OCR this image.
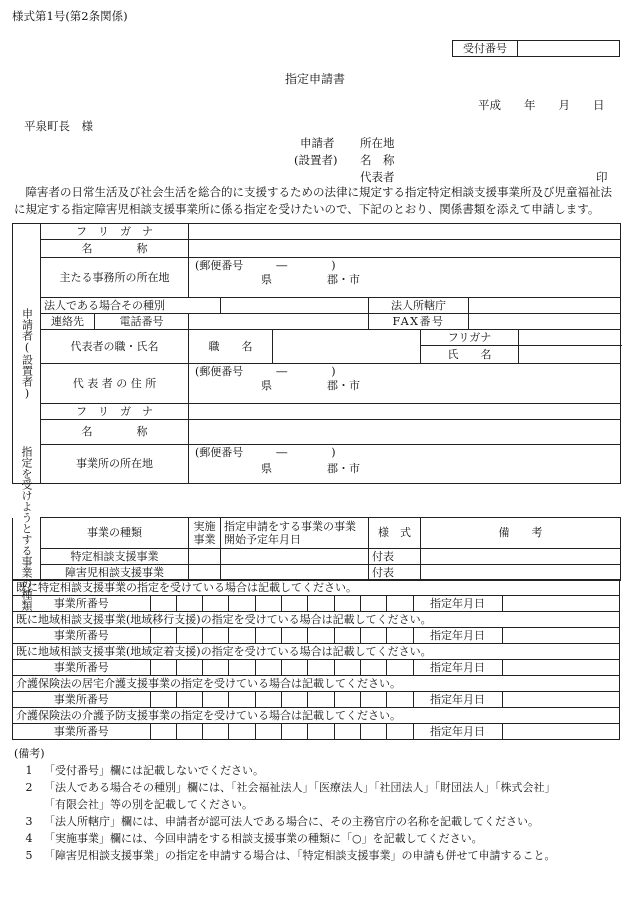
様式第1号(第2条関係)
受付番号	
指定申請書
平成　　年　　月　　日
平泉町長　様
申請者
(設置者)
所在地
名　称
代表者	印
　障害者の日常生活及び社会生活を総合的に支援するための法律に規定する指定特定相談支援事業所及び児童福祉法に規定する指定障害児相談支援事業所に係る指定を受けたいので、下記のとおり、関係書類を添えて申請します。
申請者(設置者)	フ　リ　ガ　ナ								
	名　　　　称								
	主たる事務所の所在地		(郵便番号　　　―　　　　)						
			県　　　　　郡・市						
	法人である場合その種別					法人所轄庁			
	連絡先	電話番号				FAX番号			
	代表者の職・氏名		職　　名				フリガナ		
							氏　　名		
	代 表 者 の 住 所		(郵便番号　　　―　　　　)						
			県　　　　　郡・市						
	フ　リ　ガ　ナ								
	名　　　　称								
	事業所の所在地		(郵便番号　　　―　　　　)
県　　　　　郡・市						
	事業の種類	実施事業	指定申請をする事業の事業開始予定年月日	様　式	備　　考
	特定相談支援事業			付表	
	障害児相談支援事業			付表	
指定を受けようとする事業の種類
既に特定相談支援事業の指定を受けている場合は記載してください。												
事業所番号											指定年月日	
既に地域相談支援事業(地域移行支援)の指定を受けている場合は記載してください。												
事業所番号											指定年月日	
既に地域相談支援事業(地域定着支援)の指定を受けている場合は記載してください。												
事業所番号											指定年月日	
介護保険法の居宅介護支援事業の指定を受けている場合は記載してください。												
事業所番号											指定年月日	
介護保険法の介護予防支援事業の指定を受けている場合は記載してください。												
事業所番号											指定年月日	
(備考)
1	「受付番号」欄には記載しないでください。
2	「法人である場合その種別」欄には、「社会福祉法人」「医療法人」「社団法人」「財団法人」「株式会社」
「有限会社」等の別を記載してください。
3	「法人所轄庁」欄には、申請者が認可法人である場合に、その主務官庁の名称を記載してください。
4	「実施事業」欄には、今回申請をする相談支援事業の種類に「○」を記載してください。
5	「障害児相談支援事業」の指定を申請する場合は、「特定相談支援事業」の申請も併せて申請すること。
